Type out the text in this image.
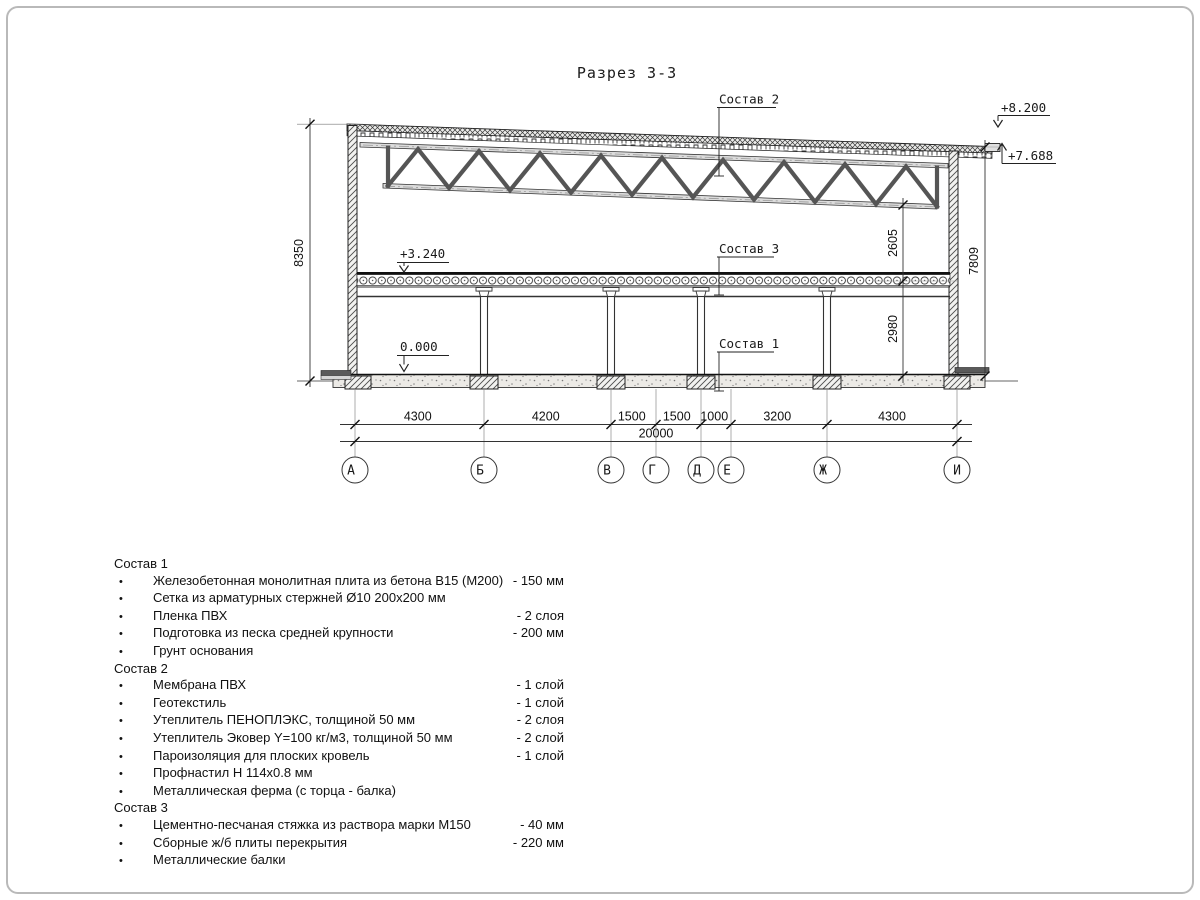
Разрез 3-3
4300	4200	1500 1500 1000	3200	4300
20000
А	Б	В	Г	Д Е	Ж	И
8350	2605
2980
7809
+8.200
+7.688
+3.240
0.000
Состав 2
Состав 3
Состав 1
Состав 1
•	Железобетонная монолитная плита из бетона В15 (М200) - 150 мм
•	Сетка из арматурных стержней Ø10 200х200 мм
•	Пленка ПВХ	- 2 слоя
•	Подготовка из песка средней крупности	- 200 мм
•	Грунт основания
Состав 2
•	Мембрана ПВХ	- 1 слой
•	Геотекстиль	- 1 слой
•	Утеплитель ПЕНОПЛЭКС, толщиной 50 мм	- 2 слоя
•	Утеплитель Эковер Y=100 кг/м3, толщиной 50 мм	- 2 слой
•	Пароизоляция для плоских кровель	- 1 слой
•	Профнастил Н 114х0.8 мм
•	Металлическая ферма (с торца - балка)
Состав 3
•	Цементно-песчаная стяжка из раствора марки М150	- 40 мм
•	Сборные ж/б плиты перекрытия	- 220 мм
•	Металлические балки
